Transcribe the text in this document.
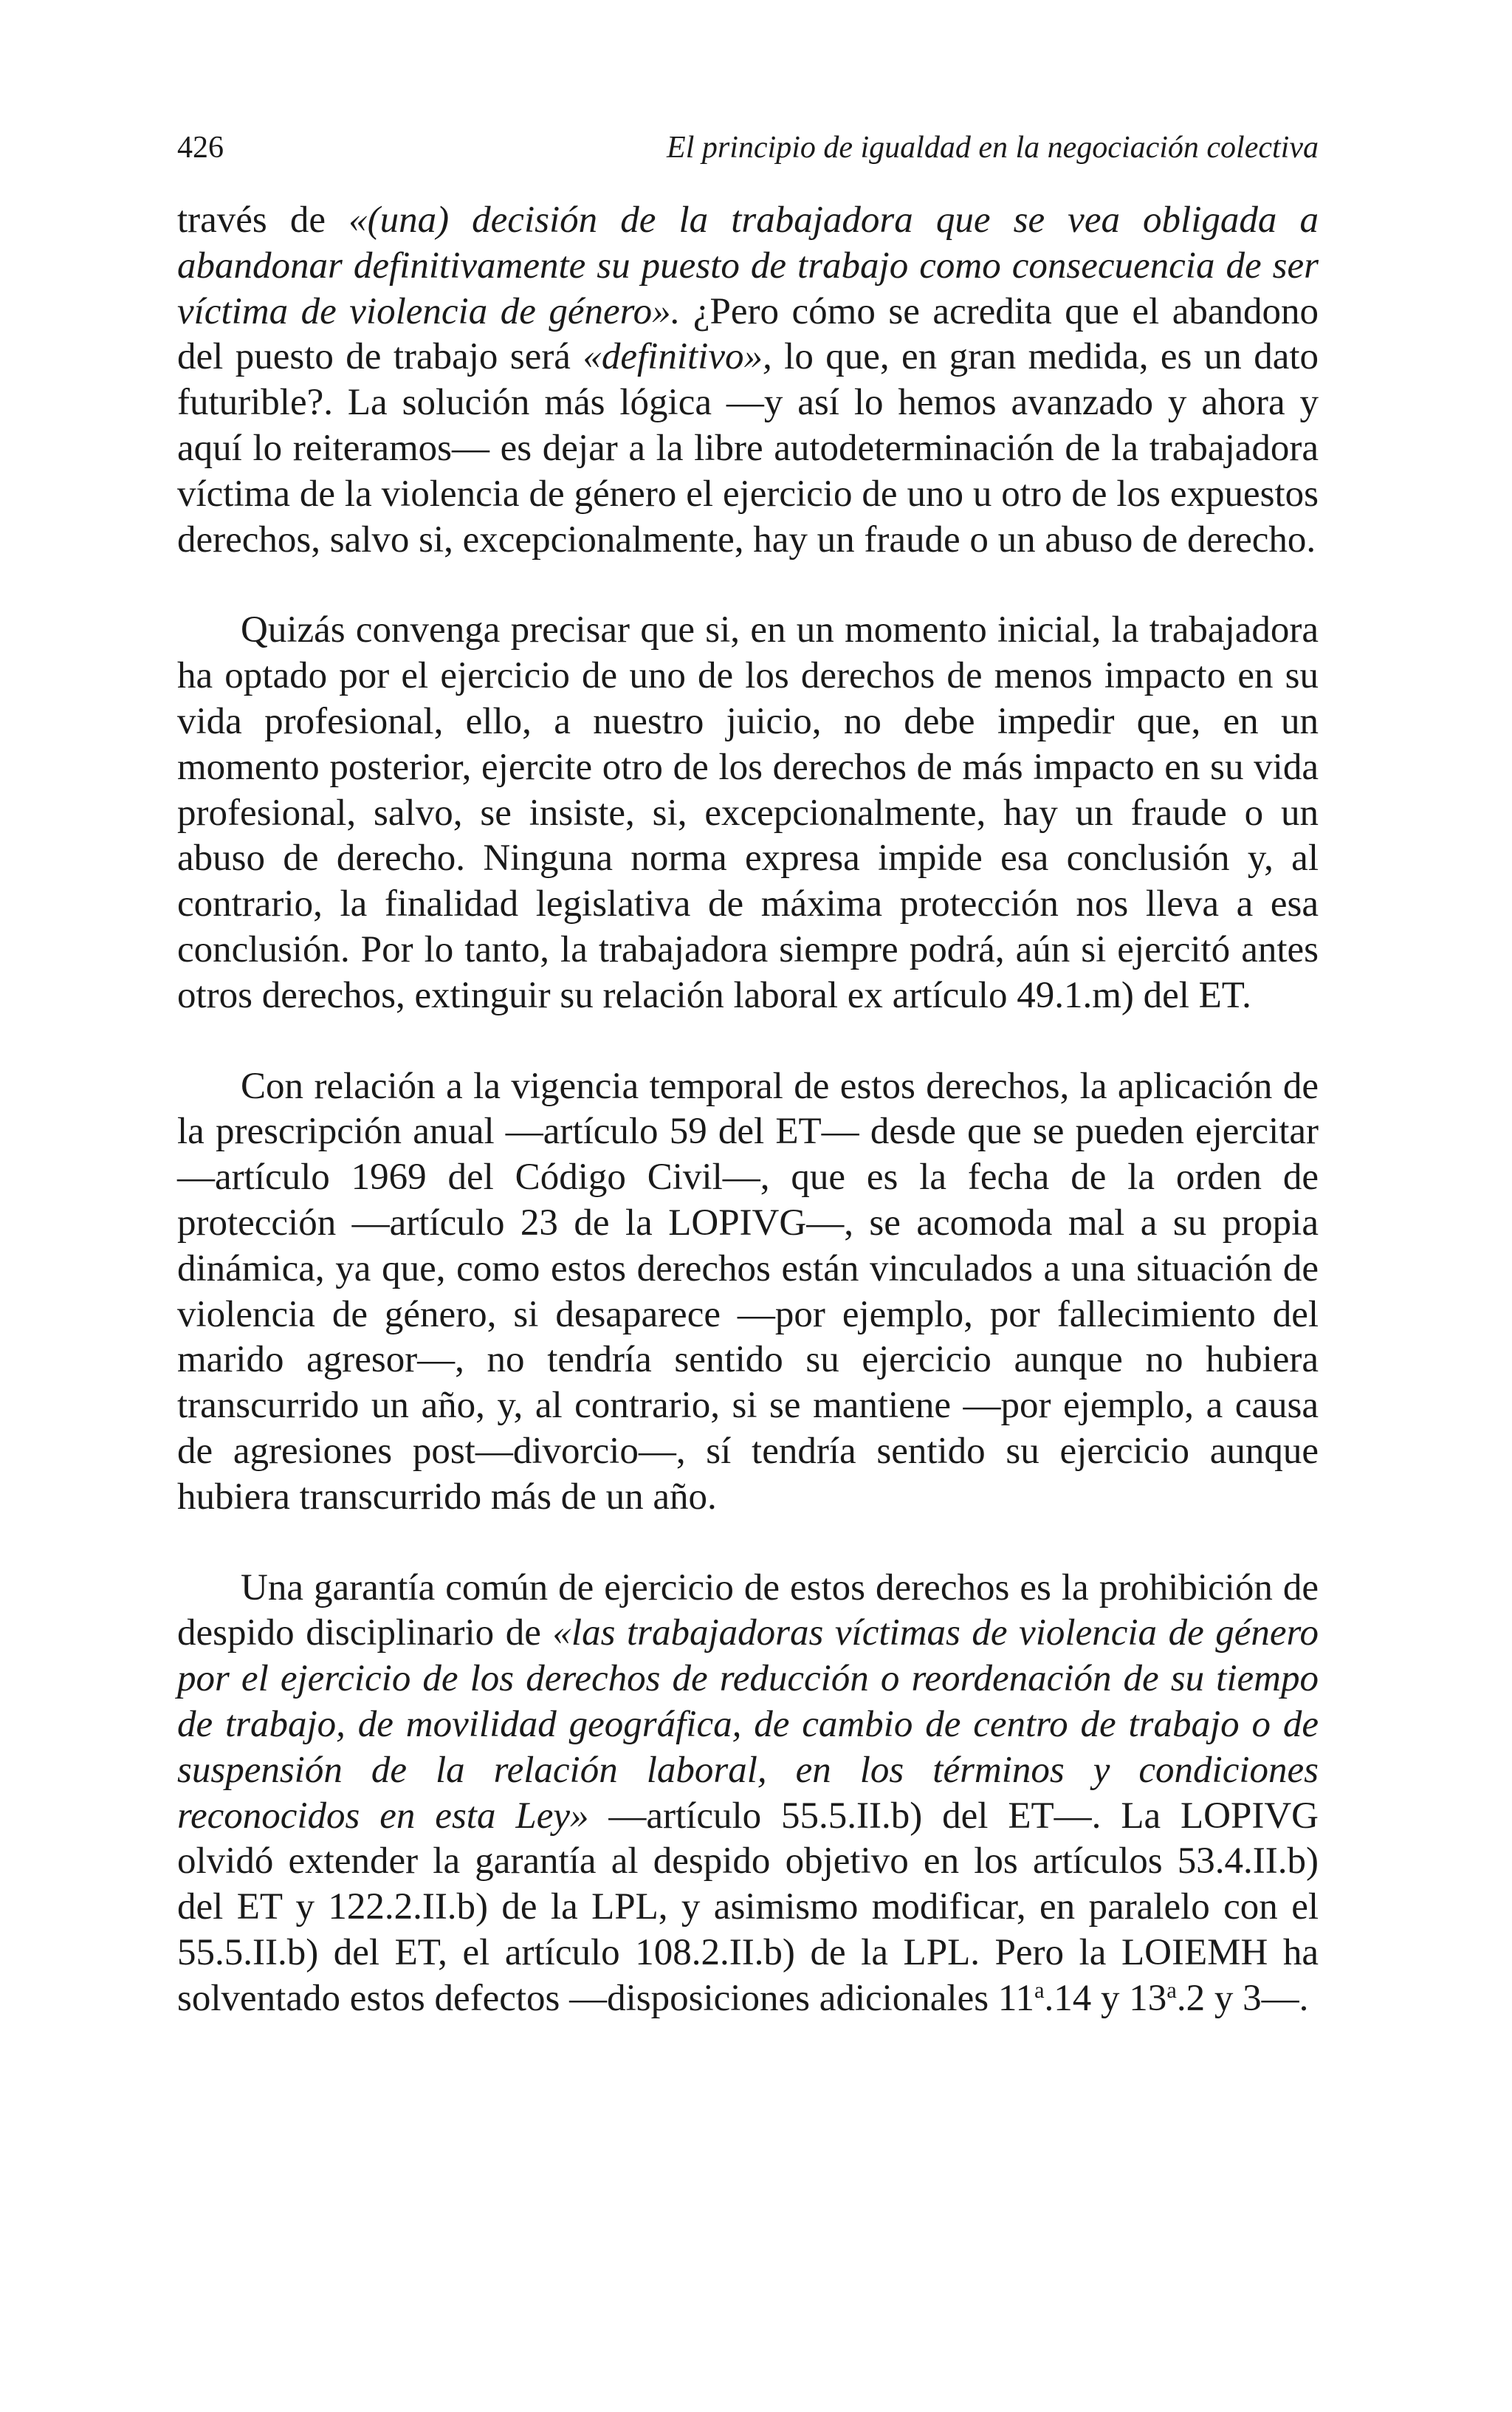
426	El principio de igualdad en la negociación colectiva

través de «(una) decisión de la trabajadora que se vea obligada a abandonar definitivamente su puesto de trabajo como consecuencia de ser víctima de violencia de género». ¿Pero cómo se acredita que el abandono del puesto de trabajo será «definitivo», lo que, en gran medida, es un dato futurible?. La solución más lógica —y así lo hemos avanzado y ahora y aquí lo reiteramos— es dejar a la libre autodeterminación de la trabajadora víctima de la violencia de género el ejercicio de uno u otro de los expuestos derechos, salvo si, excepcionalmente, hay un fraude o un abuso de derecho.

Quizás convenga precisar que si, en un momento inicial, la trabajadora ha optado por el ejercicio de uno de los derechos de menos impacto en su vida profesional, ello, a nuestro juicio, no debe impedir que, en un momento posterior, ejercite otro de los derechos de más impacto en su vida profesional, salvo, se insiste, si, excepcionalmente, hay un fraude o un abuso de derecho. Ninguna norma expresa impide esa conclusión y, al contrario, la finalidad legislativa de máxima protección nos lleva a esa conclusión. Por lo tanto, la trabajadora siempre podrá, aún si ejercitó antes otros derechos, extinguir su relación laboral ex artículo 49.1.m) del ET.

Con relación a la vigencia temporal de estos derechos, la aplicación de la prescripción anual —artículo 59 del ET— desde que se pueden ejercitar —artículo 1969 del Código Civil—, que es la fecha de la orden de protección —artículo 23 de la LOPIVG—, se acomoda mal a su propia dinámica, ya que, como estos derechos están vinculados a una situación de violencia de género, si desaparece —por ejemplo, por fallecimiento del marido agresor—, no tendría sentido su ejercicio aunque no hubiera transcurrido un año, y, al contrario, si se mantiene —por ejemplo, a causa de agresiones post—divorcio—, sí tendría sentido su ejercicio aunque hubiera transcurrido más de un año.

Una garantía común de ejercicio de estos derechos es la prohibición de despido disciplinario de «las trabajadoras víctimas de violencia de género por el ejercicio de los derechos de reducción o reordenación de su tiempo de trabajo, de movilidad geográfica, de cambio de centro de trabajo o de suspensión de la relación laboral, en los términos y condiciones reconocidos en esta Ley» —artículo 55.5.II.b) del ET—. La LOPIVG olvidó extender la garantía al despido objetivo en los artículos 53.4.II.b) del ET y 122.2.II.b) de la LPL, y asimismo modificar, en paralelo con el 55.5.II.b) del ET, el artículo 108.2.II.b) de la LPL. Pero la LOIEMH ha solventado estos defectos —disposiciones adicionales 11$^a$.14 y 13$^a$.2 y 3—.
